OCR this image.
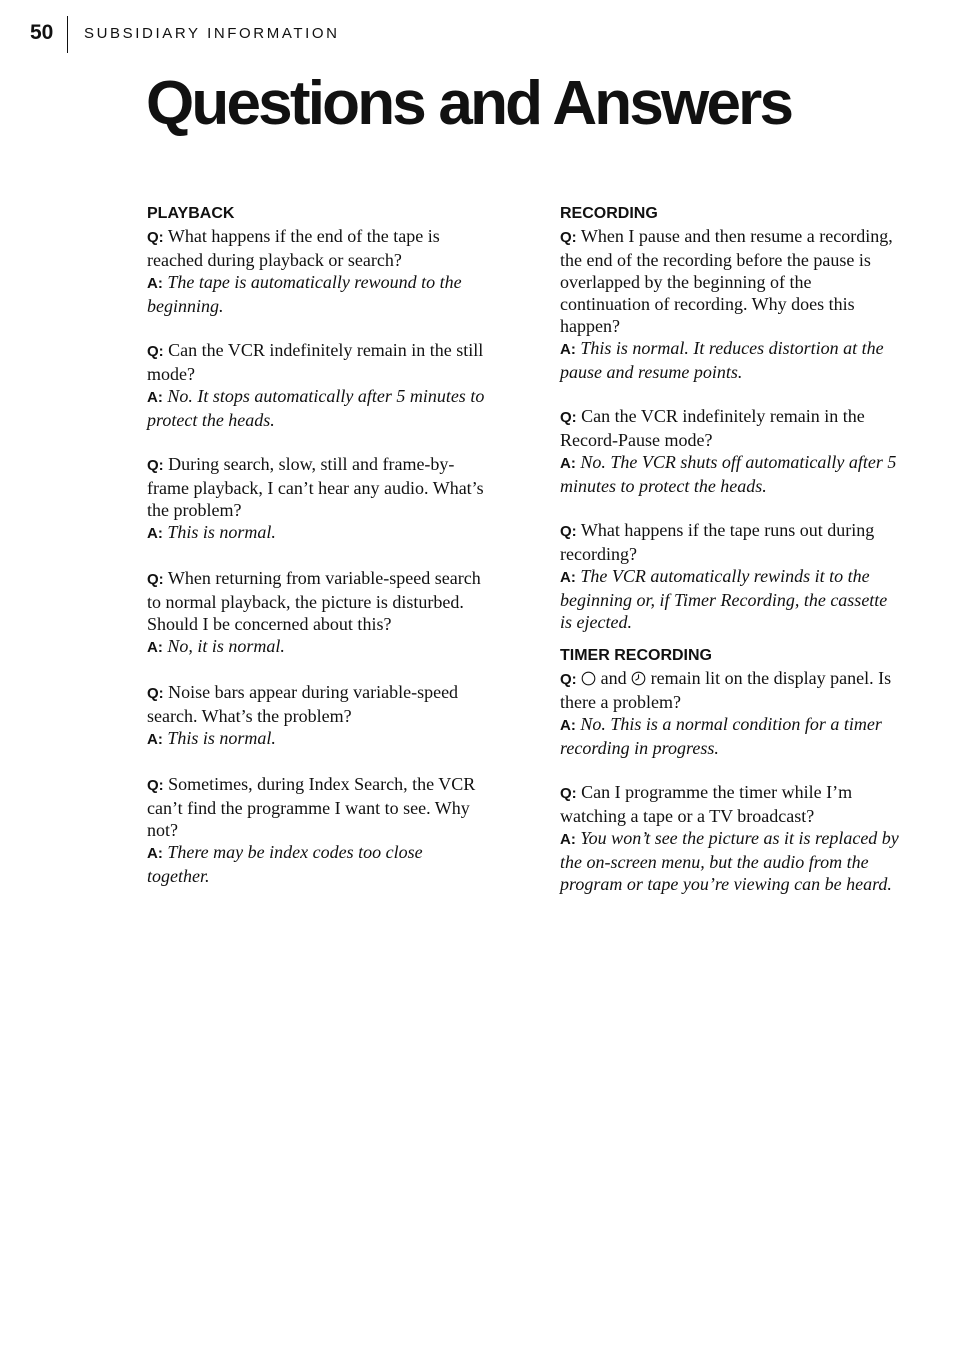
50 SUBSIDIARY INFORMATION
Questions and Answers
PLAYBACK
Q: What happens if the end of the tape is reached during playback or search?
A: The tape is automatically rewound to the beginning.
Q: Can the VCR indefinitely remain in the still mode?
A: No. It stops automatically after 5 minutes to protect the heads.
Q: During search, slow, still and frame-by-frame playback, I can’t hear any audio. What’s the problem?
A: This is normal.
Q: When returning from variable-speed search to normal playback, the picture is disturbed. Should I be concerned about this?
A: No, it is normal.
Q: Noise bars appear during variable-speed search. What’s the problem?
A: This is normal.
Q: Sometimes, during Index Search, the VCR can’t find the programme I want to see. Why not?
A: There may be index codes too close together.
RECORDING
Q: When I pause and then resume a recording, the end of the recording before the pause is overlapped by the beginning of the continuation of recording. Why does this happen?
A: This is normal. It reduces distortion at the pause and resume points.
Q: Can the VCR indefinitely remain in the Record-Pause mode?
A: No. The VCR shuts off automatically after 5 minutes to protect the heads.
Q: What happens if the tape runs out during recording?
A: The VCR automatically rewinds it to the beginning or, if Timer Recording, the cassette is ejected.
TIMER RECORDING
Q: and remain lit on the display panel. Is there a problem?
A: No. This is a normal condition for a timer recording in progress.
Q: Can I programme the timer while I’m watching a tape or a TV broadcast?
A: You won’t see the picture as it is replaced by the on-screen menu, but the audio from the program or tape you’re viewing can be heard.
